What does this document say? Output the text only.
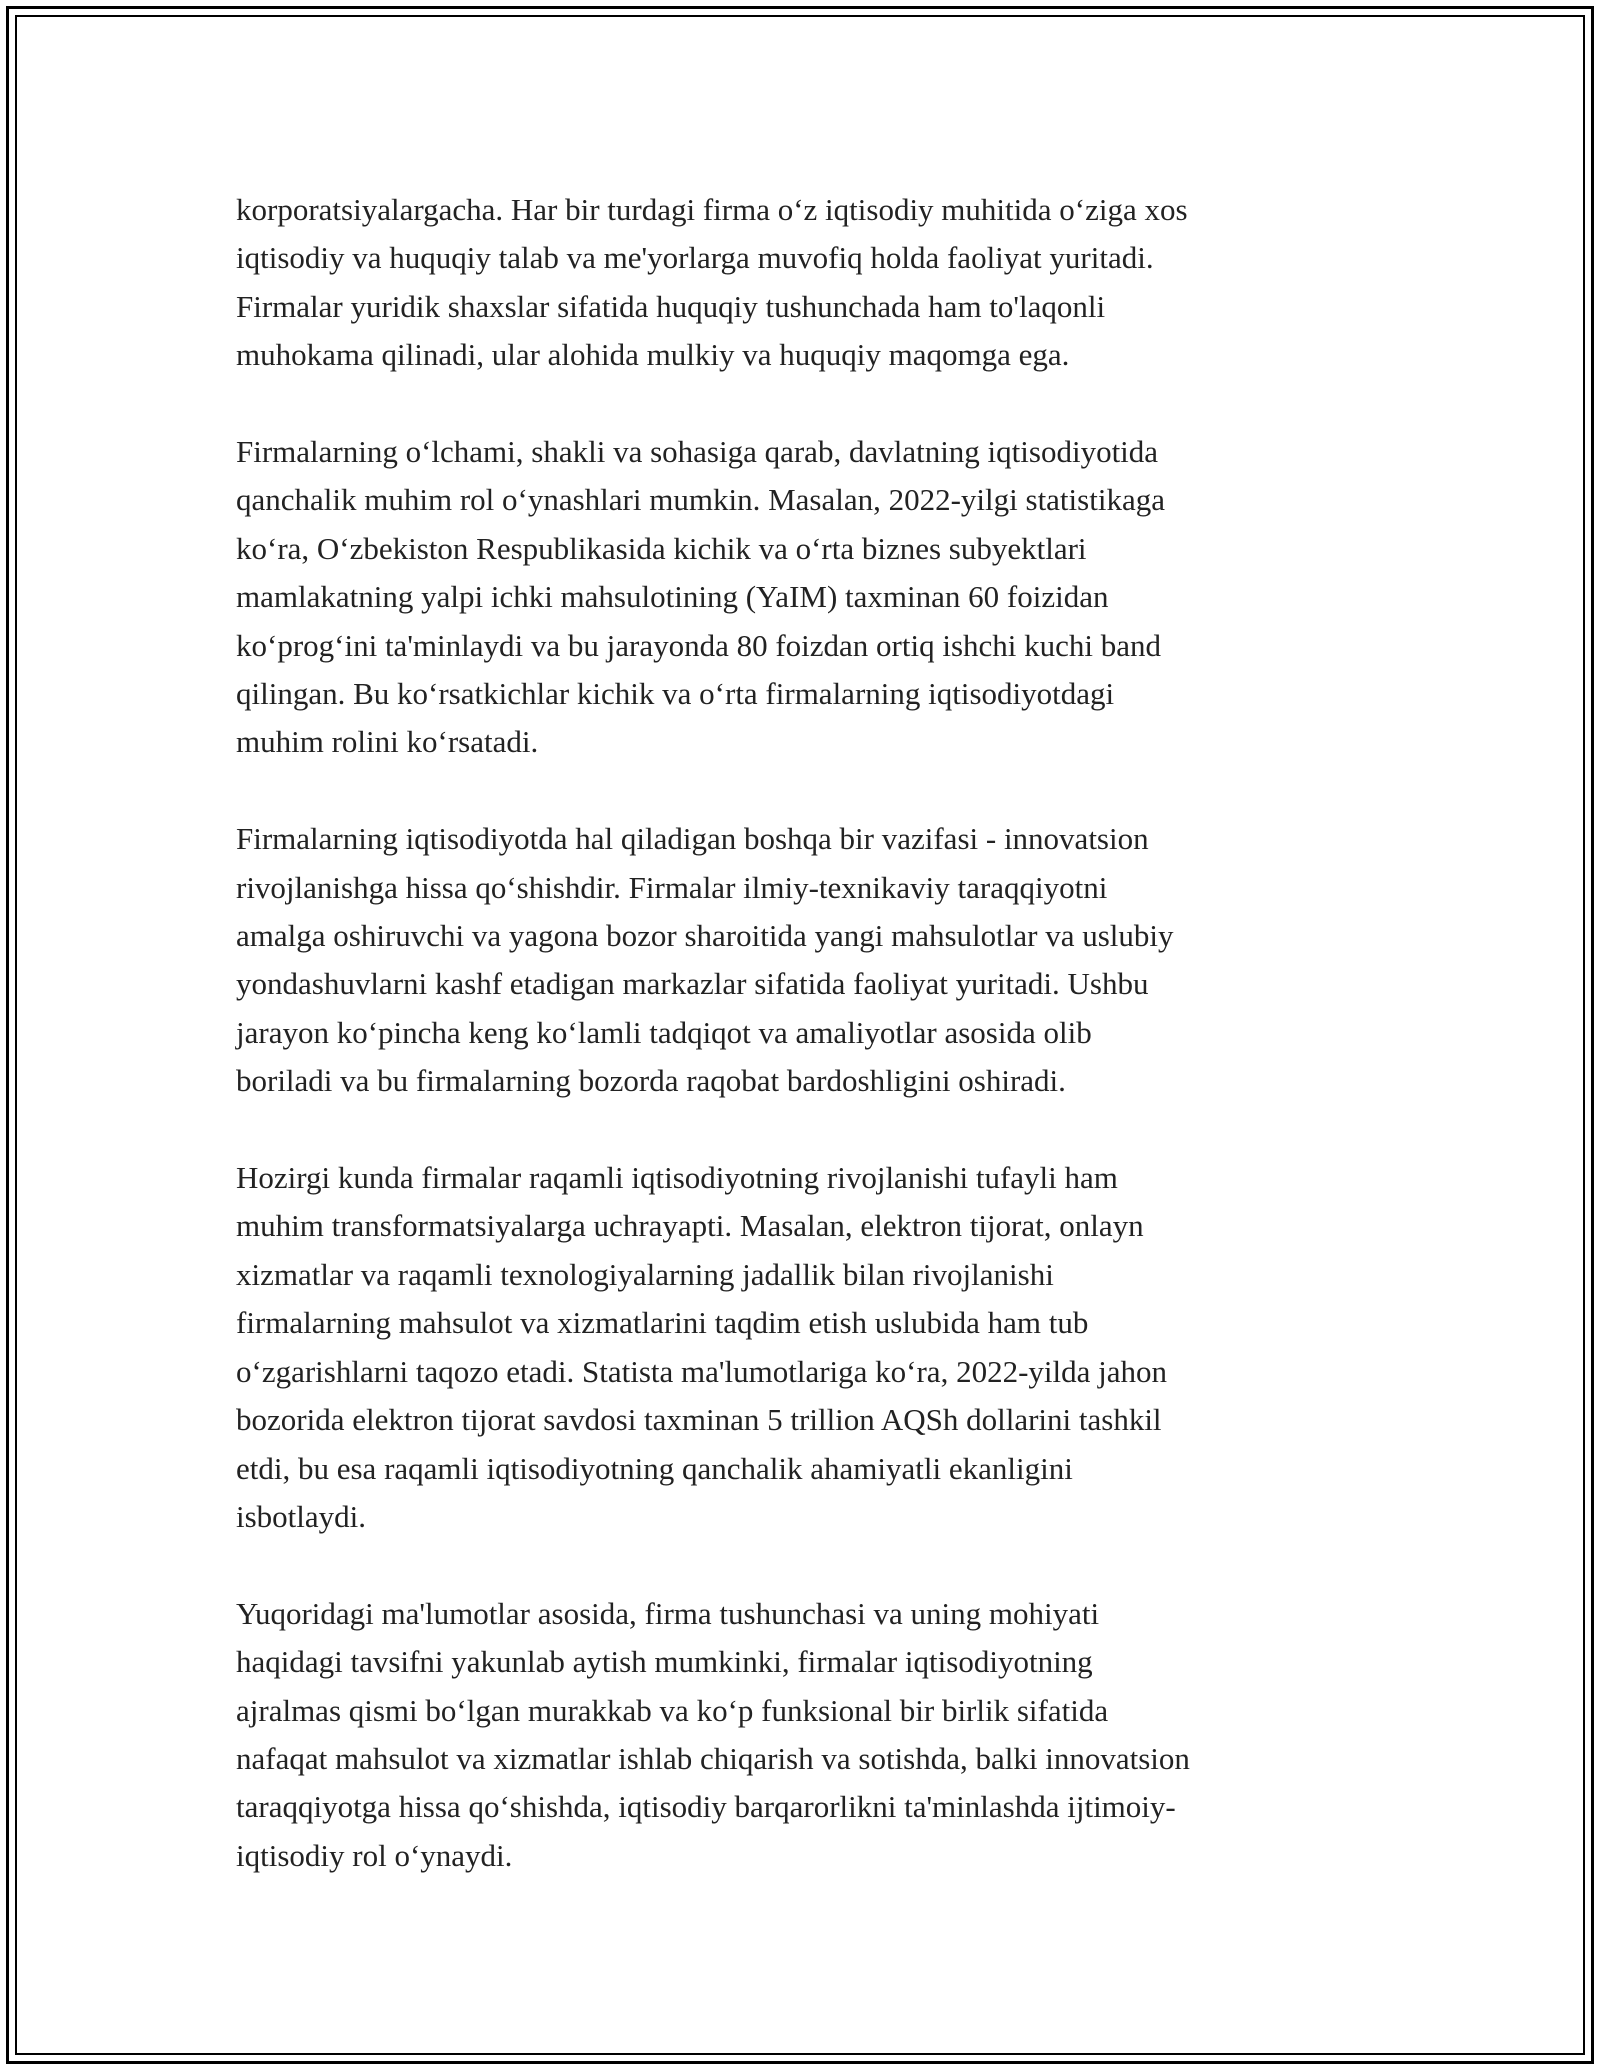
korporatsiyalargacha. Har bir turdagi firma o‘z iqtisodiy muhitida o‘ziga xos
iqtisodiy va huquqiy talab va me'yorlarga muvofiq holda faoliyat yuritadi.
Firmalar yuridik shaxslar sifatida huquqiy tushunchada ham to'laqonli
muhokama qilinadi, ular alohida mulkiy va huquqiy maqomga ega.

Firmalarning o‘lchami, shakli va sohasiga qarab, davlatning iqtisodiyotida
qanchalik muhim rol o‘ynashlari mumkin. Masalan, 2022-yilgi statistikaga
ko‘ra, O‘zbekiston Respublikasida kichik va o‘rta biznes subyektlari
mamlakatning yalpi ichki mahsulotining (YaIM) taxminan 60 foizidan
ko‘prog‘ini ta'minlaydi va bu jarayonda 80 foizdan ortiq ishchi kuchi band
qilingan. Bu ko‘rsatkichlar kichik va o‘rta firmalarning iqtisodiyotdagi
muhim rolini ko‘rsatadi.

Firmalarning iqtisodiyotda hal qiladigan boshqa bir vazifasi - innovatsion
rivojlanishga hissa qo‘shishdir. Firmalar ilmiy-texnikaviy taraqqiyotni
amalga oshiruvchi va yagona bozor sharoitida yangi mahsulotlar va uslubiy
yondashuvlarni kashf etadigan markazlar sifatida faoliyat yuritadi. Ushbu
jarayon ko‘pincha keng ko‘lamli tadqiqot va amaliyotlar asosida olib
boriladi va bu firmalarning bozorda raqobat bardoshligini oshiradi.

Hozirgi kunda firmalar raqamli iqtisodiyotning rivojlanishi tufayli ham
muhim transformatsiyalarga uchrayapti. Masalan, elektron tijorat, onlayn
xizmatlar va raqamli texnologiyalarning jadallik bilan rivojlanishi
firmalarning mahsulot va xizmatlarini taqdim etish uslubida ham tub
o‘zgarishlarni taqozo etadi. Statista ma'lumotlariga ko‘ra, 2022-yilda jahon
bozorida elektron tijorat savdosi taxminan 5 trillion AQSh dollarini tashkil
etdi, bu esa raqamli iqtisodiyotning qanchalik ahamiyatli ekanligini
isbotlaydi.

Yuqoridagi ma'lumotlar asosida, firma tushunchasi va uning mohiyati
haqidagi tavsifni yakunlab aytish mumkinki, firmalar iqtisodiyotning
ajralmas qismi bo‘lgan murakkab va ko‘p funksional bir birlik sifatida
nafaqat mahsulot va xizmatlar ishlab chiqarish va sotishda, balki innovatsion
taraqqiyotga hissa qo‘shishda, iqtisodiy barqarorlikni ta'minlashda ijtimoiy-
iqtisodiy rol o‘ynaydi.
